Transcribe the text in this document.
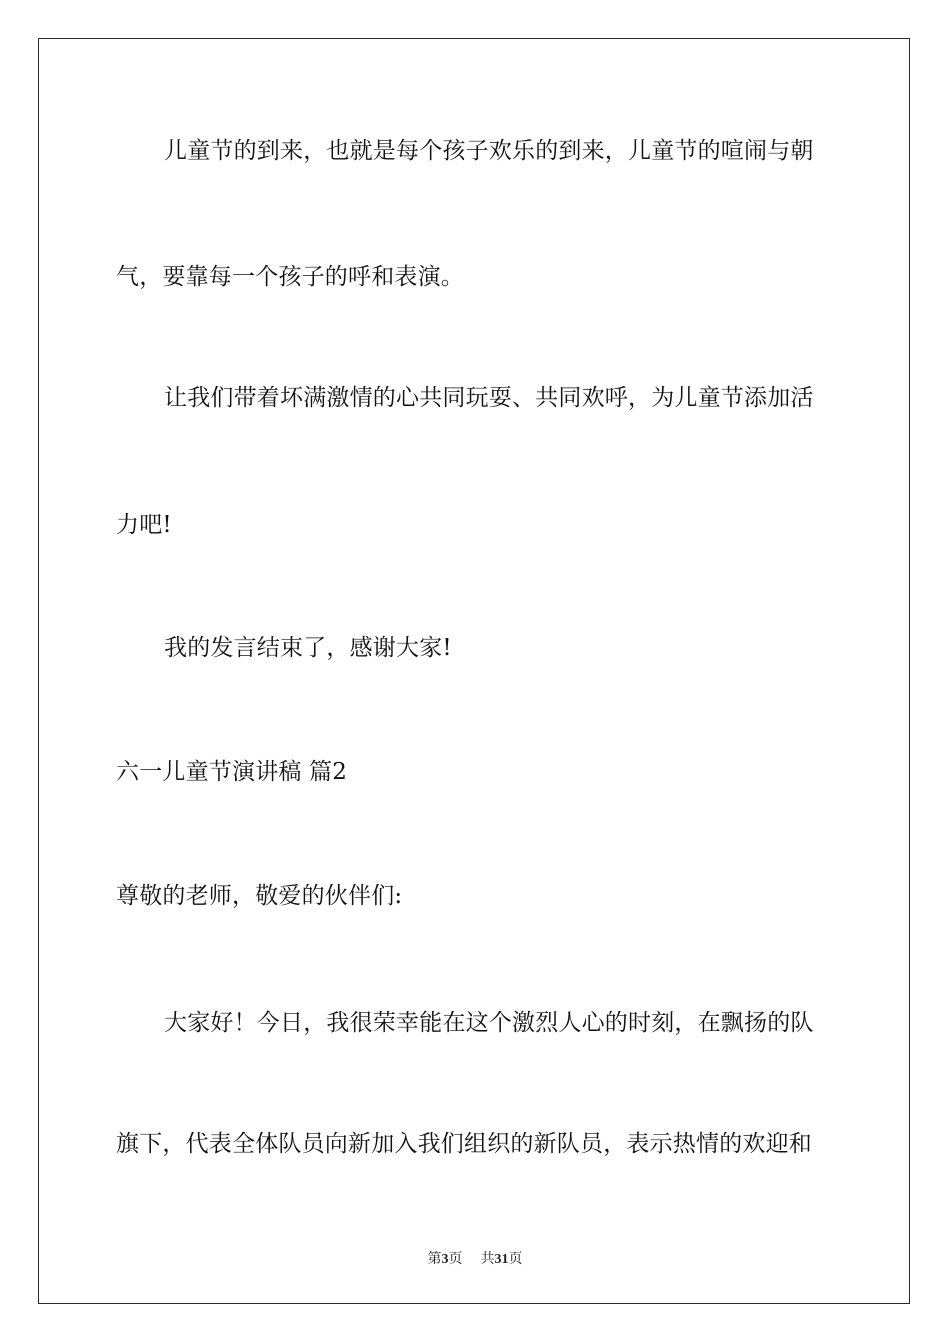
儿童节的到来，也就是每个孩子欢乐的到来，儿童节的喧闹与朝
气，要靠每一个孩子的呼和表演。
让我们带着坏满激情的心共同玩耍、共同欢呼，为儿童节添加活
力吧!
我的发言结束了，感谢大家!
六一儿童节演讲稿 篇2
尊敬的老师，敬爱的伙伴们:
大家好！今日，我很荣幸能在这个激烈人心的时刻，在飘扬的队
旗下，代表全体队员向新加入我们组织的新队员，表示热情的欢迎和
第3页 共31页
